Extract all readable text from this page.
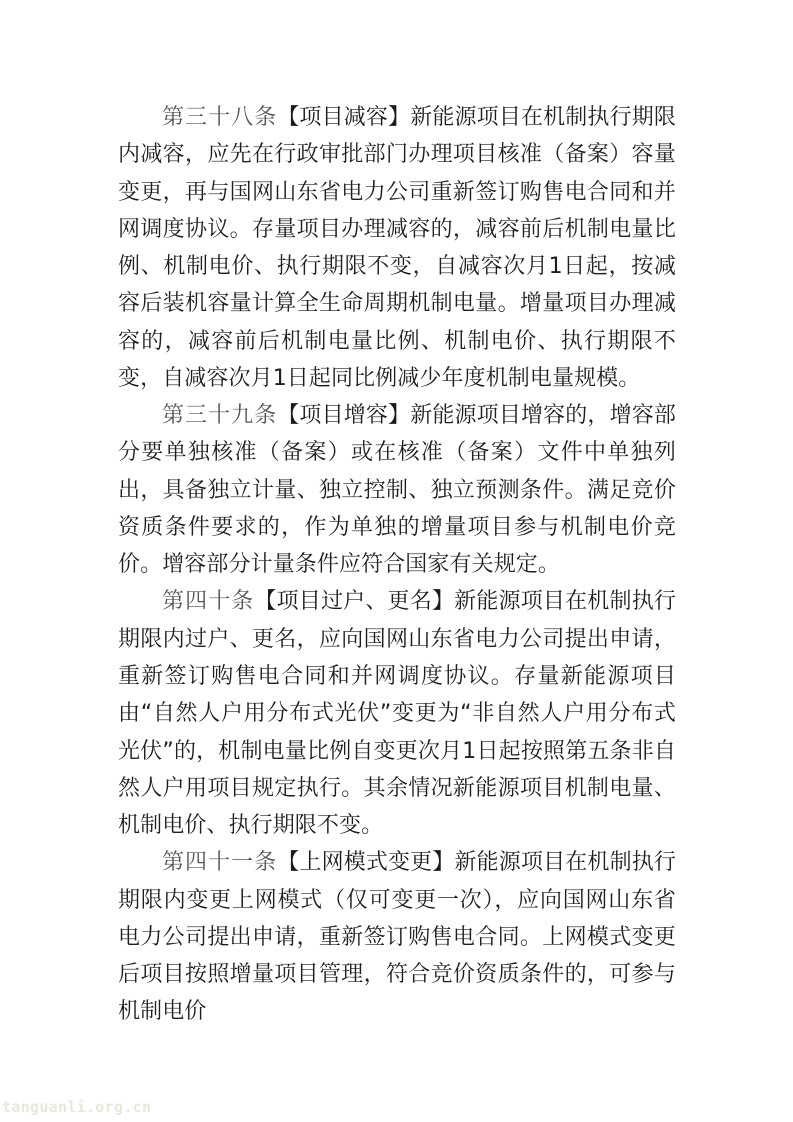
第三十八条【项目减容】新能源项目在机制执行期限内减容，应先在行政审批部门办理项目核准（备案）容量变更，再与国网山东省电力公司重新签订购售电合同和并网调度协议。存量项目办理减容的，减容前后机制电量比例、机制电价、执行期限不变，自减容次月1日起，按减容后装机容量计算全生命周期机制电量。增量项目办理减容的，减容前后机制电量比例、机制电价、执行期限不变，自减容次月1日起同比例减少年度机制电量规模。

第三十九条【项目增容】新能源项目增容的，增容部分要单独核准（备案）或在核准（备案）文件中单独列出，具备独立计量、独立控制、独立预测条件。满足竞价资质条件要求的，作为单独的增量项目参与机制电价竞价。增容部分计量条件应符合国家有关规定。

第四十条【项目过户、更名】新能源项目在机制执行期限内过户、更名，应向国网山东省电力公司提出申请，重新签订购售电合同和并网调度协议。存量新能源项目由“自然人户用分布式光伏”变更为“非自然人户用分布式光伏”的，机制电量比例自变更次月1日起按照第五条非自然人户用项目规定执行。其余情况新能源项目机制电量、机制电价、执行期限不变。

第四十一条【上网模式变更】新能源项目在机制执行期限内变更上网模式（仅可变更一次），应向国网山东省电力公司提出申请，重新签订购售电合同。上网模式变更后项目按照增量项目管理，符合竞价资质条件的，可参与机制电价

tanguanli.org.cn
